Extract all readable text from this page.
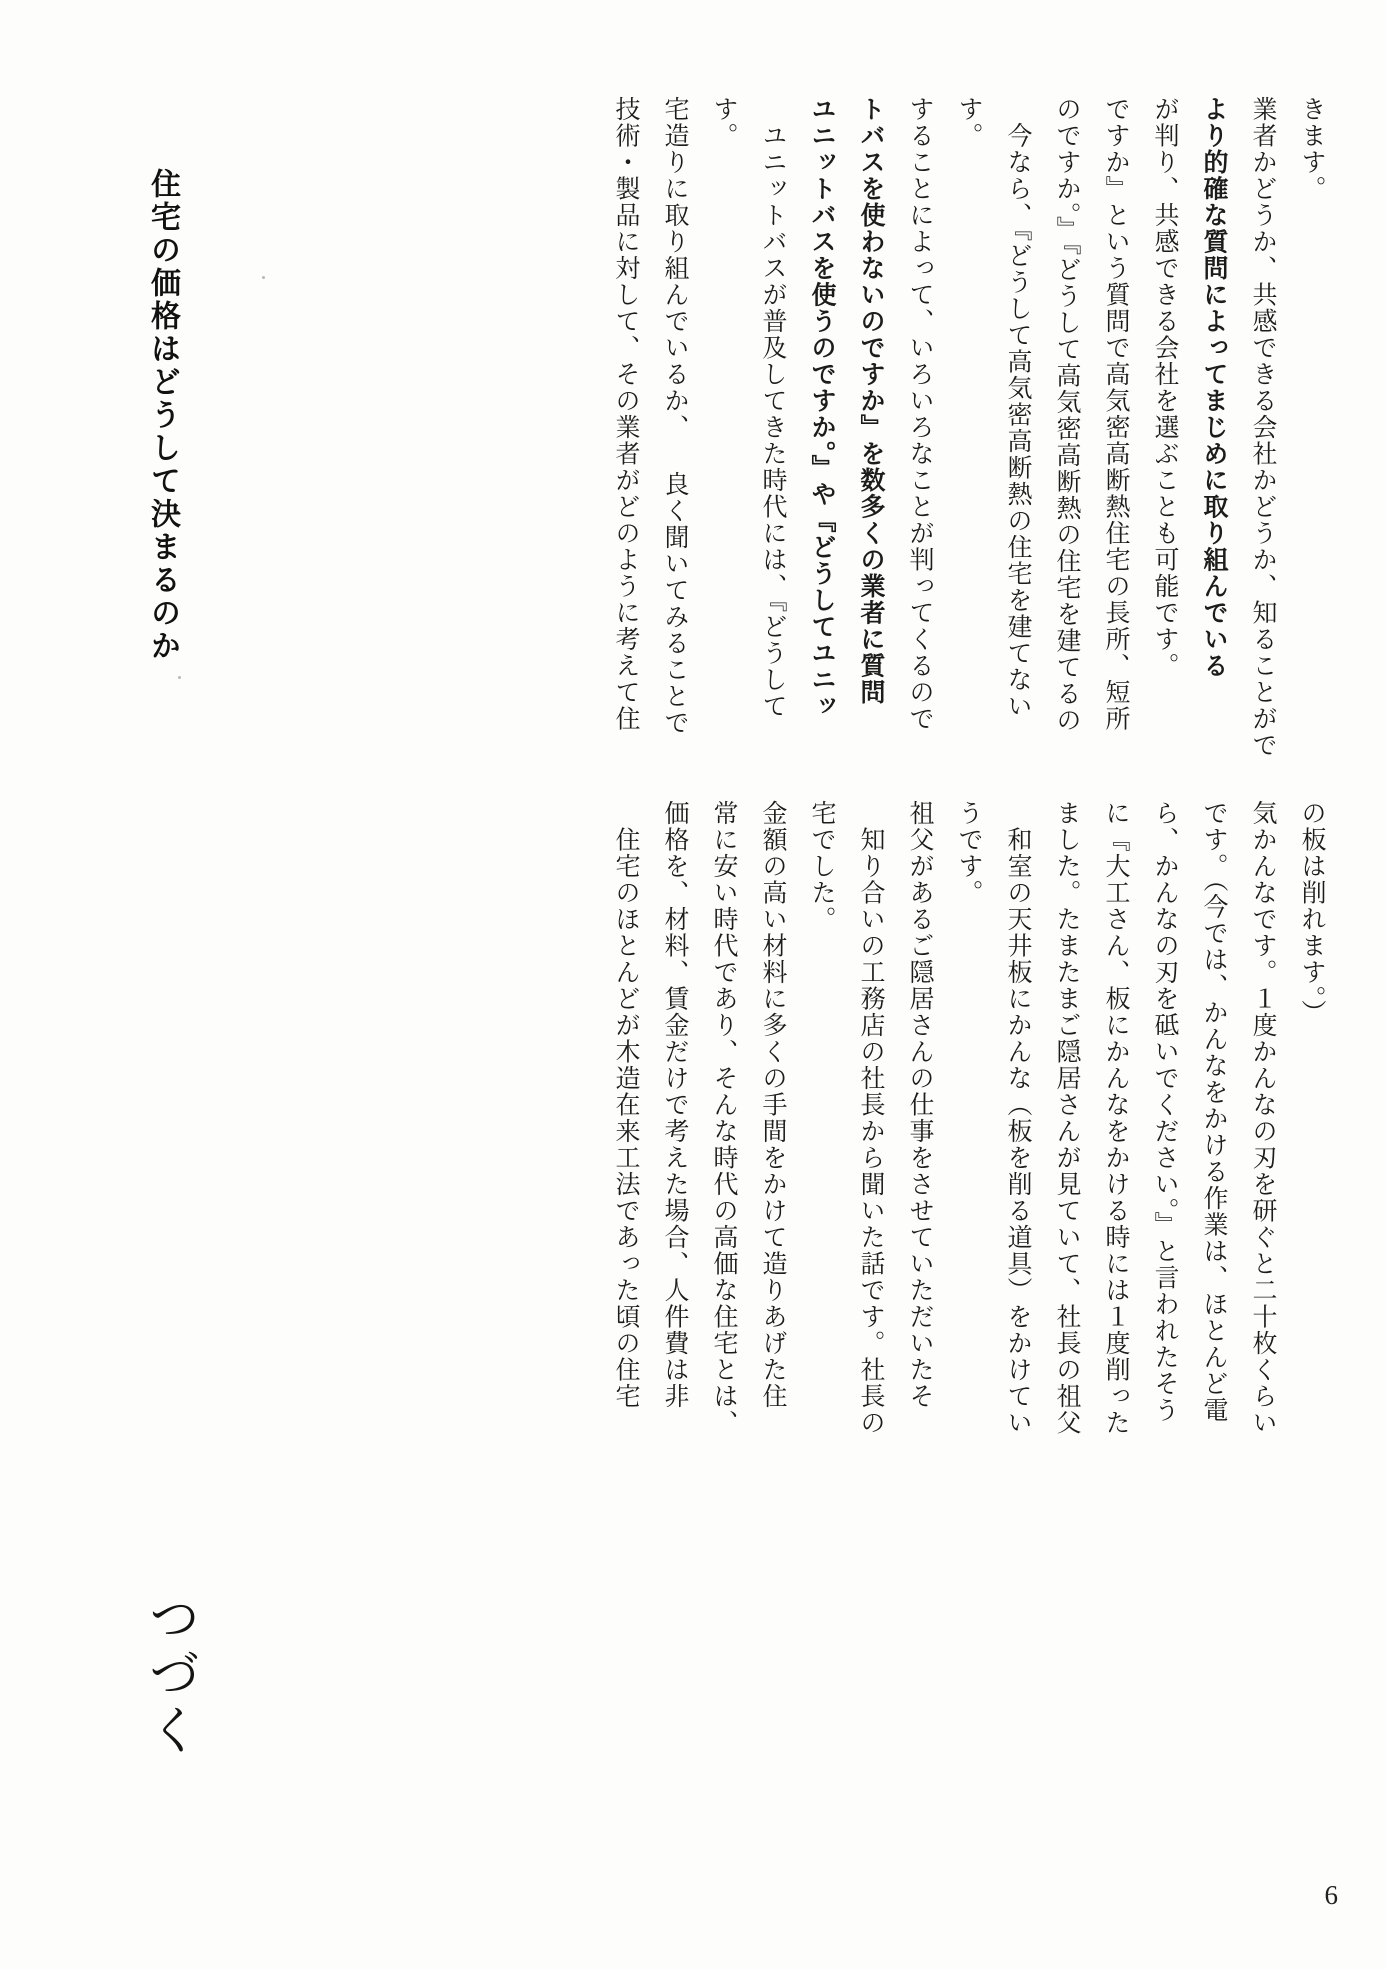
技術・製品に対して、その業者がどのように考えて住 宅造りに取り組んでいるか、 良く聞いてみることで す。 　ユニットバスが普及してきた時代には、『どうして ユニットバスを使うのですか。』や『どうしてユニッ トバスを使わないのですか』を数多くの業者に質問 することによって、いろいろなことが判ってくるので す。 　今なら、『どうして高気密高断熱の住宅を建てない のですか。』『どうして高気密高断熱の住宅を建てるの ですか』という質問で高気密高断熱住宅の長所、短所 が判り、共感できる会社を選ぶことも可能です。 より的確な質問によってまじめに取り組んでいる 業者かどうか、共感できる会社かどうか、知ることがで きます。
　住宅のほとんどが木造在来工法であった頃の住宅 価格を、材料、賃金だけで考えた場合、人件費は非 常に安い時代であり、そんな時代の高価な住宅とは、 金額の高い材料に多くの手間をかけて造りあげた住 宅でした。 　知り合いの工務店の社長から聞いた話です。社長の 祖父があるご隠居さんの仕事をさせていただいたそ うです。 　和室の天井板にかんな（板を削る道具）をかけてい ました。たまたまご隠居さんが見ていて、社長の祖父 に『大工さん、板にかんなをかける時には１度削った ら、かんなの刃を砥いでください。』と言われたそう です。（今では、かんなをかける作業は、ほとんど電 気かんなです。１度かんなの刃を研ぐと二十枚くらい の板は削れます。）
住宅の価格はどうして決まるのか
つづく
6
